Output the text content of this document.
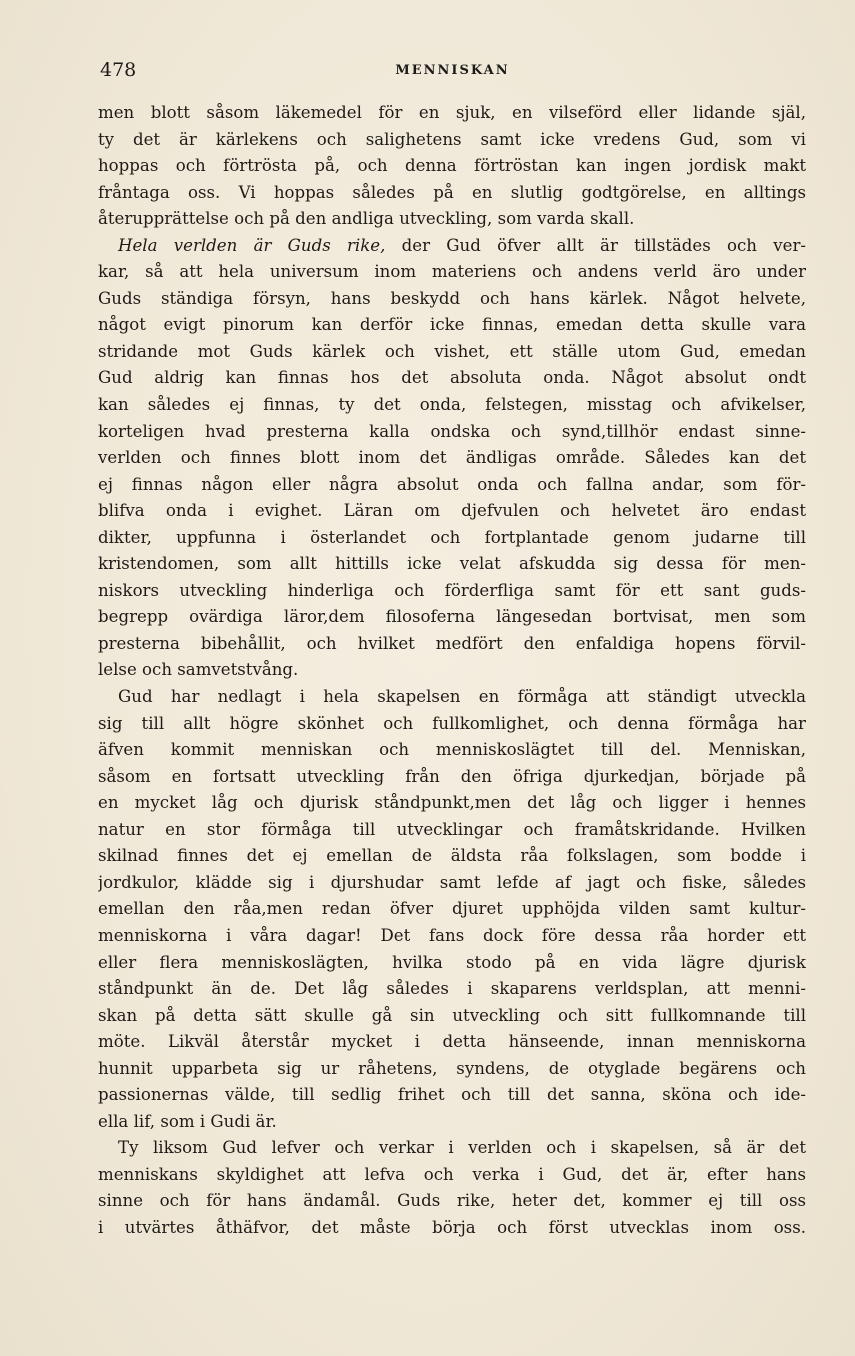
478	MENNISKAN
men blott såsom läkemedel för en sjuk, en vilseförd eller lidande själ,
ty det är kärlekens och salighetens samt icke vredens Gud, som vi
hoppas och förtrösta på, och denna förtröstan kan ingen jordisk makt
fråntaga oss. Vi hoppas således på en slutlig godtgörelse, en alltings
återupprättelse och på den andliga utveckling, som varda skall.
Hela verlden är Guds rike, der Gud öfver allt är tillstädes och ver-
kar, så att hela universum inom materiens och andens verld äro under
Guds ständiga försyn, hans beskydd och hans kärlek. Något helvete,
något evigt pinorum kan derför icke finnas, emedan detta skulle vara
stridande mot Guds kärlek och vishet, ett ställe utom Gud, emedan
Gud aldrig kan finnas hos det absoluta onda. Något absolut ondt
kan således ej finnas, ty det onda, felstegen, misstag och afvikelser,
korteligen hvad presterna kalla ondska och synd,tillhör endast sinne-
verlden och finnes blott inom det ändligas område. Således kan det
ej finnas någon eller några absolut onda och fallna andar, som för-
blifva onda i evighet. Läran om djefvulen och helvetet äro endast
dikter, uppfunna i österlandet och fortplantade genom judarne till
kristendomen, som allt hittills icke velat afskudda sig dessa för men-
niskors utveckling hinderliga och förderfliga samt för ett sant guds-
begrepp ovärdiga läror,dem filosoferna längesedan bortvisat, men som
presterna bibehållit, och hvilket medfört den enfaldiga hopens förvil-
lelse och samvetstvång.
Gud har nedlagt i hela skapelsen en förmåga att ständigt utveckla
sig till allt högre skönhet och fullkomlighet, och denna förmåga har
äfven kommit menniskan och menniskoslägtet till del. Menniskan,
såsom en fortsatt utveckling från den öfriga djurkedjan, började på
en mycket låg och djurisk ståndpunkt,men det låg och ligger i hennes
natur en stor förmåga till utvecklingar och framåtskridande. Hvilken
skilnad finnes det ej emellan de äldsta råa folkslagen, som bodde i
jordkulor, klädde sig i djurshudar samt lefde af jagt och fiske, således
emellan den råa,men redan öfver djuret upphöjda vilden samt kultur-
menniskorna i våra dagar! Det fans dock före dessa råa horder ett
eller flera menniskoslägten, hvilka stodo på en vida lägre djurisk
ståndpunkt än de. Det låg således i skaparens verldsplan, att menni-
skan på detta sätt skulle gå sin utveckling och sitt fullkomnande till
möte. Likväl återstår mycket i detta hänseende, innan menniskorna
hunnit upparbeta sig ur råhetens, syndens, de otyglade begärens och
passionernas välde, till sedlig frihet och till det sanna, sköna och ide-
ella lif, som i Gudi är.
Ty liksom Gud lefver och verkar i verlden och i skapelsen, så är det
menniskans skyldighet att lefva och verka i Gud, det är, efter hans
sinne och för hans ändamål. Guds rike, heter det, kommer ej till oss
i utvärtes åthäfvor, det måste börja och först utvecklas inom oss.
